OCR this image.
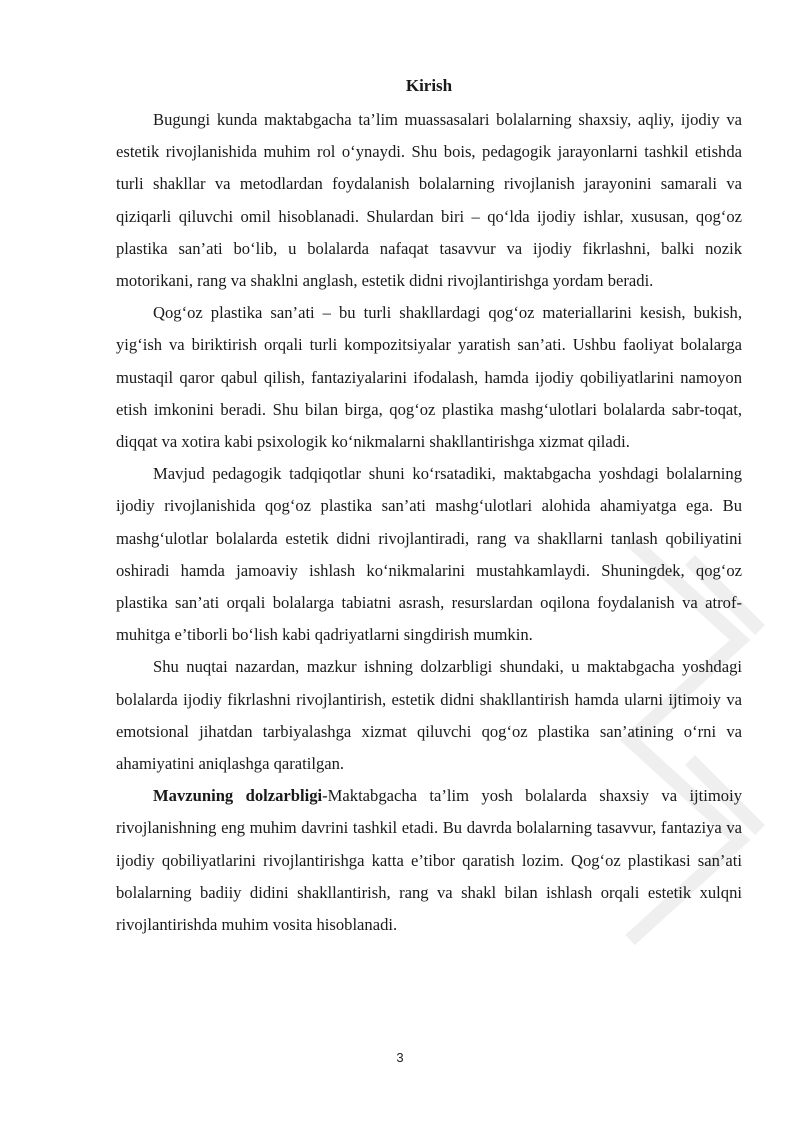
Kirish

Bugungi kunda maktabgacha ta’lim muassasalari bolalarning shaxsiy, aqliy, ijodiy va estetik rivojlanishida muhim rol o‘ynaydi. Shu bois, pedagogik jarayonlarni tashkil etishda turli shakllar va metodlardan foydalanish bolalarning rivojlanish jarayonini samarali va qiziqarli qiluvchi omil hisoblanadi. Shulardan biri – qo‘lda ijodiy ishlar, xususan, qog‘oz plastika san’ati bo‘lib, u bolalarda nafaqat tasavvur va ijodiy fikrlashni, balki nozik motorikani, rang va shaklni anglash, estetik didni rivojlantirishga yordam beradi.

Qog‘oz plastika san’ati – bu turli shakllardagi qog‘oz materiallarini kesish, bukish, yig‘ish va biriktirish orqali turli kompozitsiyalar yaratish san’ati. Ushbu faoliyat bolalarga mustaqil qaror qabul qilish, fantaziyalarini ifodalash, hamda ijodiy qobiliyatlarini namoyon etish imkonini beradi. Shu bilan birga, qog‘oz plastika mashg‘ulotlari bolalarda sabr-toqat, diqqat va xotira kabi psixologik ko‘nikmalarni shakllantirishga xizmat qiladi.

Mavjud pedagogik tadqiqotlar shuni ko‘rsatadiki, maktabgacha yoshdagi bolalarning ijodiy rivojlanishida qog‘oz plastika san’ati mashg‘ulotlari alohida ahamiyatga ega. Bu mashg‘ulotlar bolalarda estetik didni rivojlantiradi, rang va shakllarni tanlash qobiliyatini oshiradi hamda jamoaviy ishlash ko‘nikmalarini mustahkamlaydi. Shuningdek, qog‘oz plastika san’ati orqali bolalarga tabiatni asrash, resurslardan oqilona foydalanish va atrof-muhitga e’tiborli bo‘lish kabi qadriyatlarni singdirish mumkin.

Shu nuqtai nazardan, mazkur ishning dolzarbligi shundaki, u maktabgacha yoshdagi bolalarda ijodiy fikrlashni rivojlantirish, estetik didni shakllantirish hamda ularni ijtimoiy va emotsional jihatdan tarbiyalashga xizmat qiluvchi qog‘oz plastika san’atining o‘rni va ahamiyatini aniqlashga qaratilgan.

Mavzuning dolzarbligi-Maktabgacha ta’lim yosh bolalarda shaxsiy va ijtimoiy rivojlanishning eng muhim davrini tashkil etadi. Bu davrda bolalarning tasavvur, fantaziya va ijodiy qobiliyatlarini rivojlantirishga katta e’tibor qaratish lozim. Qog‘oz plastikasi san’ati bolalarning badiiy didini shakllantirish, rang va shakl bilan ishlash orqali estetik xulqni rivojlantirishda muhim vosita hisoblanadi.

3
